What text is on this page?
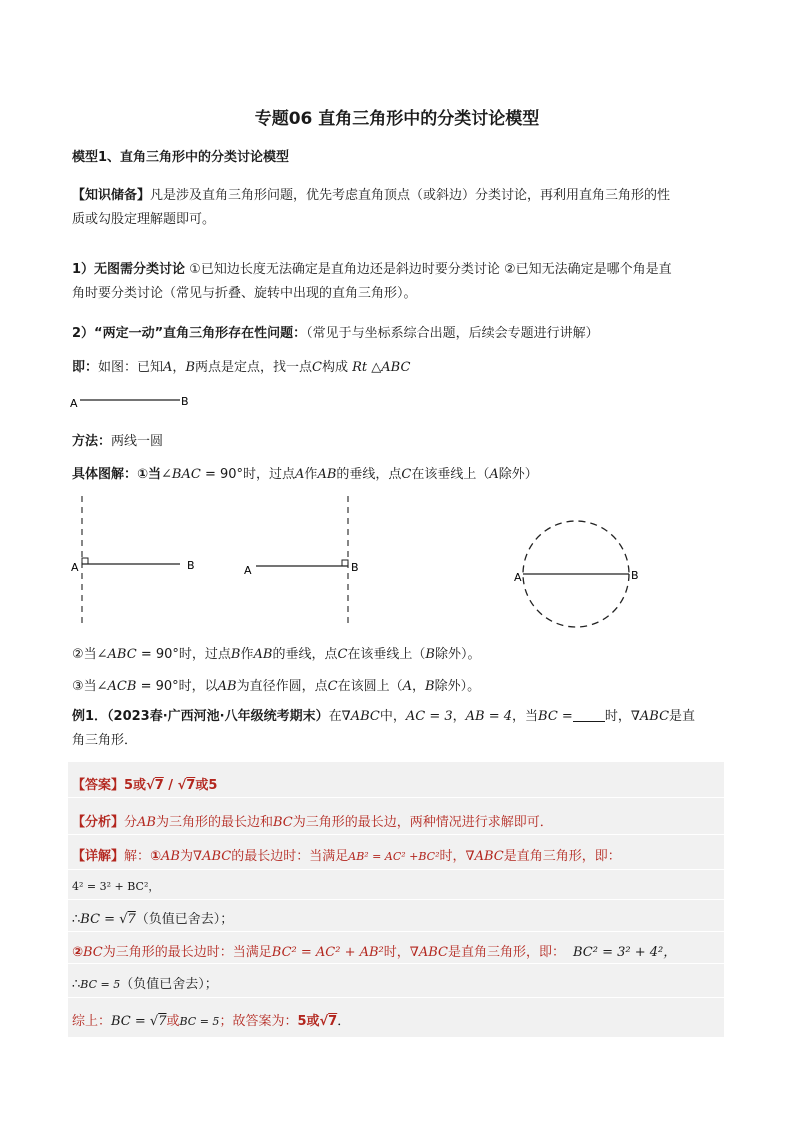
专题06 直角三角形中的分类讨论模型
模型1、直角三角形中的分类讨论模型
【知识储备】凡是涉及直角三角形问题，优先考虑直角顶点（或斜边）分类讨论，再利用直角三角形的性
质或勾股定理解题即可。
1）无图需分类讨论 ①已知边长度无法确定是直角边还是斜边时要分类讨论 ②已知无法确定是哪个角是直
角时要分类讨论（常见与折叠、旋转中出现的直角三角形）。
2）“两定一动”直角三角形存在性问题：（常见于与坐标系综合出题，后续会专题进行讲解）
即：如图：已知A，B两点是定点，找一点C构成 Rt △ABC
A	B
方法：两线一圆
具体图解：①当∠BAC = 90°时，过点A作AB的垂线，点C在该垂线上（A除外）
A	B	A	B
A	B
②当∠ABC = 90°时，过点B作AB的垂线，点C在该垂线上（B除外）。
③当∠ACB = 90°时，以AB为直径作圆，点C在该圆上（A，B除外）。
例1．（2023春·广西河池·八年级统考期末）在∇ABC中，AC = 3，AB = 4，当BC = 时，∇ABC是直
角三角形．
【答案】5或√7 / √7或5
【分析】分AB为三角形的最长边和BC为三角形的最长边，两种情况进行求解即可．
【详解】解：①AB为∇ABC的最长边时：当满足AB² = AC² +BC²时，∇ABC是直角三角形，即：
4² = 3² + BC²，
∴BC = √7（负值已舍去）；
②BC为三角形的最长边时：当满足BC² = AC² + AB²时，∇ABC是直角三角形，即： BC² = 3² + 4²，
∴BC = 5（负值已舍去）；
综上：BC = √7或BC = 5；故答案为：5或√7．
